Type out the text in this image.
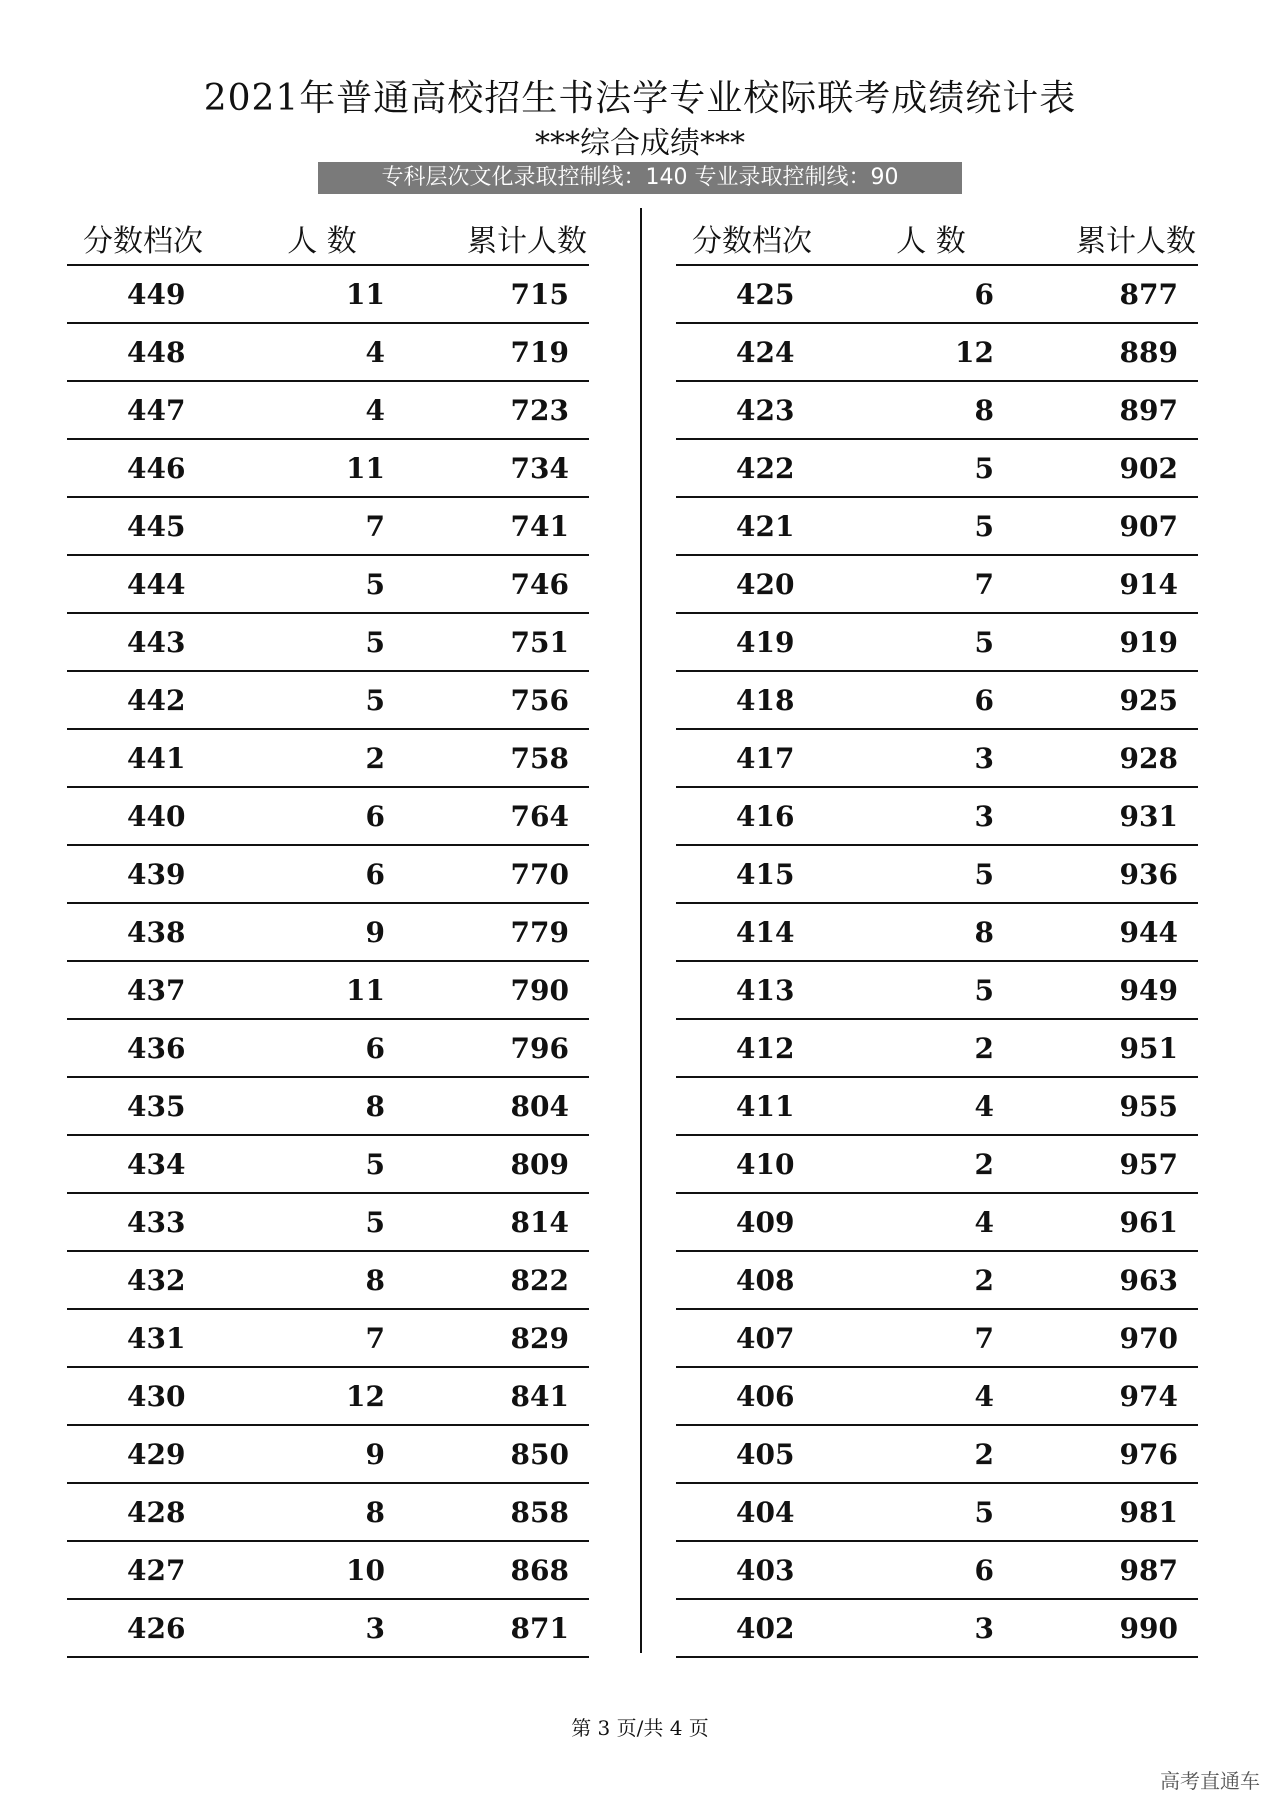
2021年普通高校招生书法学专业校际联考成绩统计表
***综合成绩***
专科层次文化录取控制线：140 专业录取控制线：90
分数档次	人 数	累计人数
449	11	715
448	4	719
447	4	723
446	11	734
445	7	741
444	5	746
443	5	751
442	5	756
441	2	758
440	6	764
439	6	770
438	9	779
437	11	790
436	6	796
435	8	804
434	5	809
433	5	814
432	8	822
431	7	829
430	12	841
429	9	850
428	8	858
427	10	868
426	3	871
分数档次	人 数	累计人数
425	6	877
424	12	889
423	8	897
422	5	902
421	5	907
420	7	914
419	5	919
418	6	925
417	3	928
416	3	931
415	5	936
414	8	944
413	5	949
412	2	951
411	4	955
410	2	957
409	4	961
408	2	963
407	7	970
406	4	974
405	2	976
404	5	981
403	6	987
402	3	990
第 3 页/共 4 页
高考直通车
